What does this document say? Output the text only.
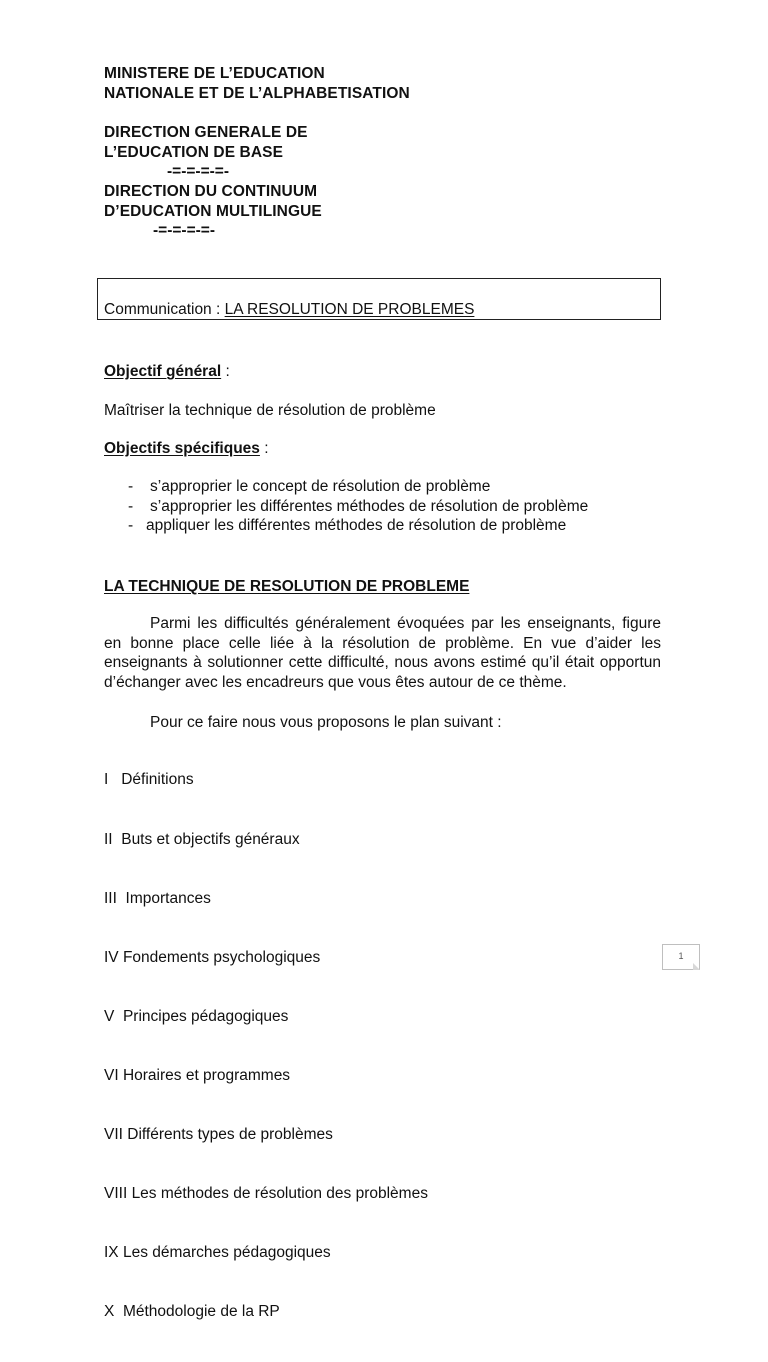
MINISTERE DE L’EDUCATION
NATIONALE ET DE L’ALPHABETISATION
DIRECTION GENERALE DE
L’EDUCATION DE BASE
-=-=-=-=-
DIRECTION DU CONTINUUM
D’EDUCATION MULTILINGUE
-=-=-=-=-
Communication : LA RESOLUTION DE PROBLEMES
Objectif général :
Maîtriser la technique de résolution de problème
Objectifs spécifiques :
- s’approprier le concept de résolution de problème
- s’approprier les différentes méthodes de résolution de problème
- appliquer les différentes méthodes de résolution de problème
LA TECHNIQUE DE RESOLUTION DE PROBLEME
Parmi les difficultés généralement évoquées par les enseignants, figure en bonne place celle liée à la résolution de problème. En vue d’aider les enseignants à solutionner cette difficulté, nous avons estimé qu’il était opportun d’échanger avec les encadreurs que vous êtes autour de ce thème.
Pour ce faire nous vous proposons le plan suivant :

I   Définitions

II  Buts et objectifs généraux

III  Importances

IV Fondements psychologiques

V  Principes pédagogiques

VI Horaires et programmes

VII Différents types de problèmes

VIII Les méthodes de résolution des problèmes

IX Les démarches pédagogiques

X  Méthodologie de la RP

1
